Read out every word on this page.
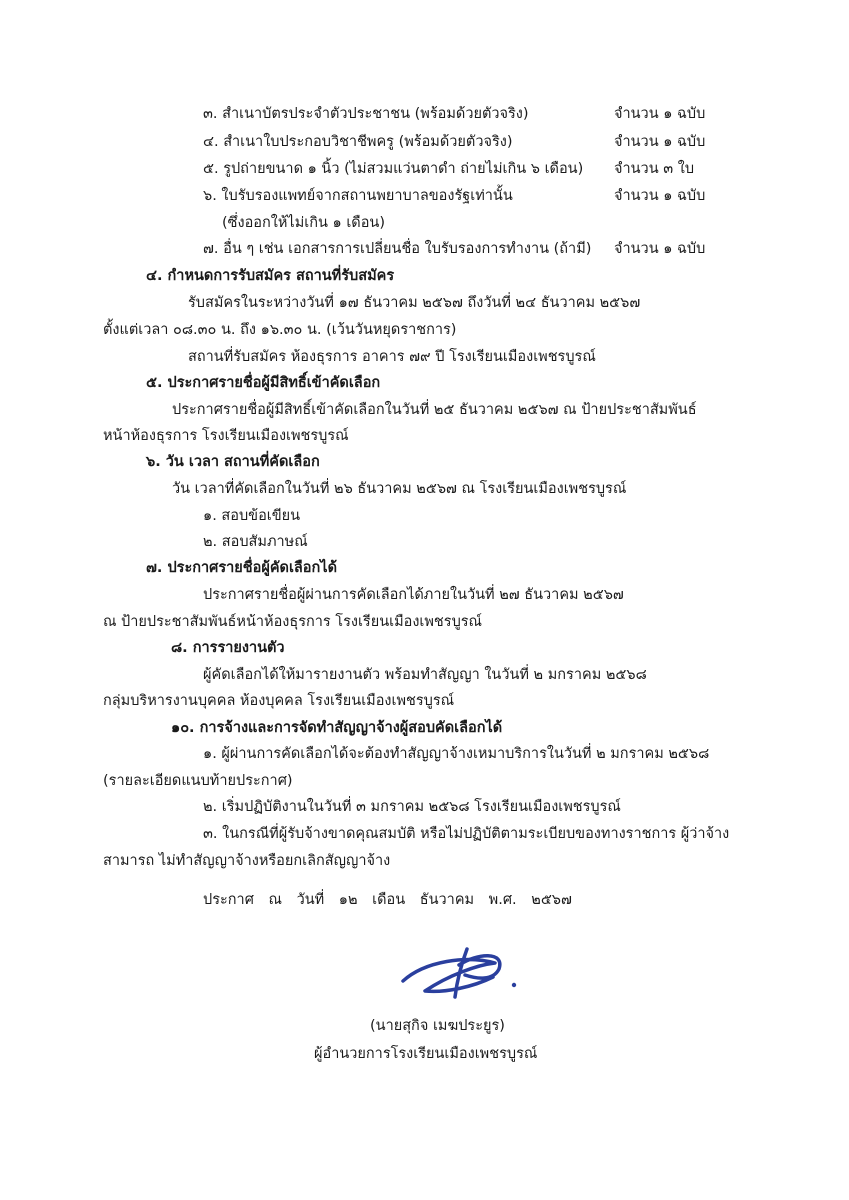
๓. สำเนาบัตรประจำตัวประชาชน (พร้อมด้วยตัวจริง)	จำนวน ๑ ฉบับ
๔. สำเนาใบประกอบวิชาชีพครู (พร้อมด้วยตัวจริง)	จำนวน ๑ ฉบับ
๕. รูปถ่ายขนาด ๑ นิ้ว (ไม่สวมแว่นตาดำ ถ่ายไม่เกิน ๖ เดือน) จำนวน ๓ ใบ
๖. ใบรับรองแพทย์จากสถานพยาบาลของรัฐเท่านั้น	จำนวน ๑ ฉบับ
(ซึ่งออกให้ไม่เกิน ๑ เดือน)
๗. อื่น ๆ เช่น เอกสารการเปลี่ยนชื่อ ใบรับรองการทำงาน (ถ้ามี) จำนวน ๑ ฉบับ
๔. กำหนดการรับสมัคร สถานที่รับสมัคร
รับสมัครในระหว่างวันที่ ๑๗ ธันวาคม ๒๕๖๗ ถึงวันที่ ๒๔ ธันวาคม ๒๕๖๗
ตั้งแต่เวลา ๐๘.๓๐ น. ถึง ๑๖.๓๐ น. (เว้นวันหยุดราชการ)
สถานที่รับสมัคร ห้องธุรการ อาคาร ๗๙ ปี โรงเรียนเมืองเพชรบูรณ์
๕. ประกาศรายชื่อผู้มีสิทธิ์เข้าคัดเลือก
ประกาศรายชื่อผู้มีสิทธิ์เข้าคัดเลือกในวันที่ ๒๕ ธันวาคม ๒๕๖๗ ณ ป้ายประชาสัมพันธ์
หน้าห้องธุรการ โรงเรียนเมืองเพชรบูรณ์
๖. วัน เวลา สถานที่คัดเลือก
วัน เวลาที่คัดเลือกในวันที่ ๒๖ ธันวาคม ๒๕๖๗ ณ โรงเรียนเมืองเพชรบูรณ์
๑. สอบข้อเขียน
๒. สอบสัมภาษณ์
๗. ประกาศรายชื่อผู้คัดเลือกได้
ประกาศรายชื่อผู้ผ่านการคัดเลือกได้ภายในวันที่ ๒๗ ธันวาคม ๒๕๖๗
ณ ป้ายประชาสัมพันธ์หน้าห้องธุรการ โรงเรียนเมืองเพชรบูรณ์
๘. การรายงานตัว
ผู้คัดเลือกได้ให้มารายงานตัว พร้อมทำสัญญา ในวันที่ ๒ มกราคม ๒๕๖๘
กลุ่มบริหารงานบุคคล ห้องบุคคล โรงเรียนเมืองเพชรบูรณ์
๑๐. การจ้างและการจัดทำสัญญาจ้างผู้สอบคัดเลือกได้
๑. ผู้ผ่านการคัดเลือกได้จะต้องทำสัญญาจ้างเหมาบริการในวันที่ ๒ มกราคม ๒๕๖๘
(รายละเอียดแนบท้ายประกาศ)
๒. เริ่มปฏิบัติงานในวันที่ ๓ มกราคม ๒๕๖๘ โรงเรียนเมืองเพชรบูรณ์
๓. ในกรณีที่ผู้รับจ้างขาดคุณสมบัติ หรือไม่ปฏิบัติตามระเบียบของทางราชการ ผู้ว่าจ้าง
สามารถ ไม่ทำสัญญาจ้างหรือยกเลิกสัญญาจ้าง
ประกาศ ณ วันที่ ๑๒ เดือน ธันวาคม พ.ศ. ๒๕๖๗
(นายสุกิจ เมฆประยูร)
ผู้อำนวยการโรงเรียนเมืองเพชรบูรณ์
